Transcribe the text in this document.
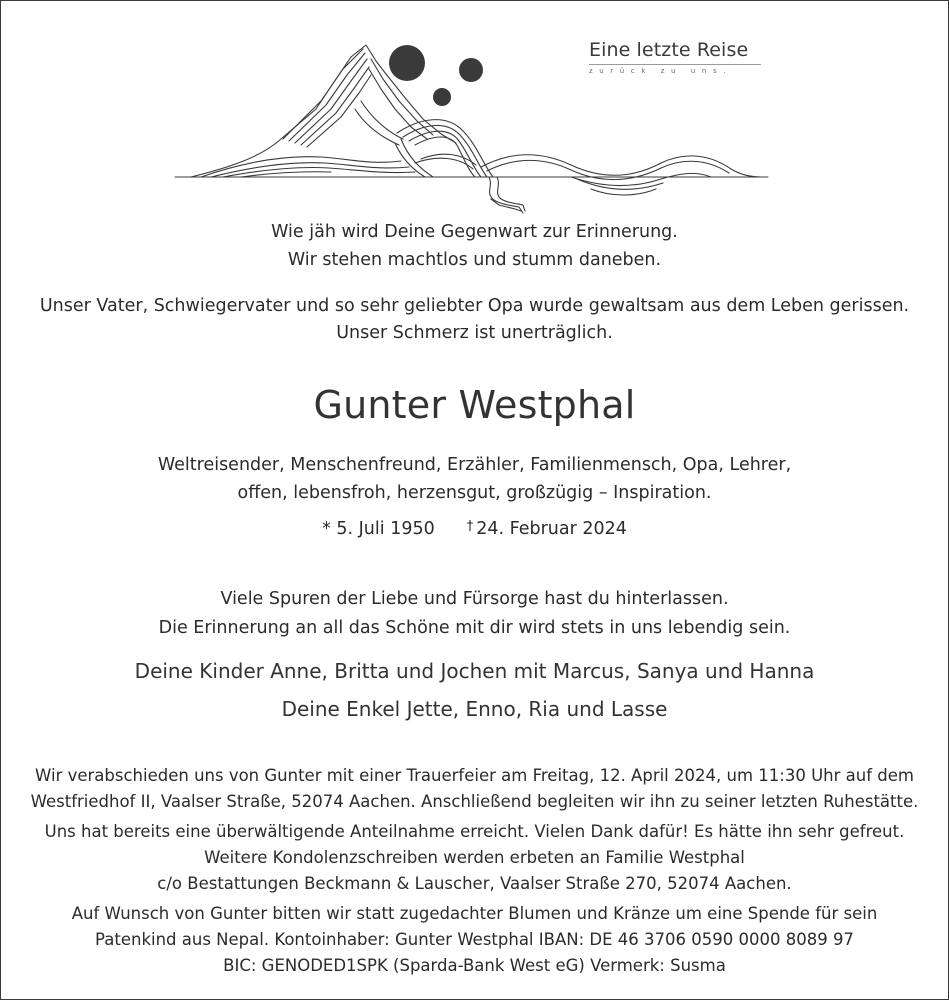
Eine letzte Reise
zurück zu uns.
Wie jäh wird Deine Gegenwart zur Erinnerung.
Wir stehen machtlos und stumm daneben.
Unser Vater, Schwiegervater und so sehr geliebter Opa wurde gewaltsam aus dem Leben gerissen.
Unser Schmerz ist unerträglich.
Gunter Westphal
Weltreisender, Menschenfreund, Erzähler, Familienmensch, Opa, Lehrer,
offen, lebensfroh, herzensgut, großzügig – Inspiration.
* 5. Juli 1950 † 24. Februar 2024
Viele Spuren der Liebe und Fürsorge hast du hinterlassen.
Die Erinnerung an all das Schöne mit dir wird stets in uns lebendig sein.
Deine Kinder Anne, Britta und Jochen mit Marcus, Sanya und Hanna
Deine Enkel Jette, Enno, Ria und Lasse
Wir verabschieden uns von Gunter mit einer Trauerfeier am Freitag, 12. April 2024, um 11:30 Uhr auf dem
Westfriedhof II, Vaalser Straße, 52074 Aachen. Anschließend begleiten wir ihn zu seiner letzten Ruhestätte.
Uns hat bereits eine überwältigende Anteilnahme erreicht. Vielen Dank dafür! Es hätte ihn sehr gefreut.
Weitere Kondolenzschreiben werden erbeten an Familie Westphal
c/o Bestattungen Beckmann & Lauscher, Vaalser Straße 270, 52074 Aachen.
Auf Wunsch von Gunter bitten wir statt zugedachter Blumen und Kränze um eine Spende für sein
Patenkind aus Nepal. Kontoinhaber: Gunter Westphal IBAN: DE 46 3706 0590 0000 8089 97
BIC: GENODED1SPK (Sparda-Bank West eG) Vermerk: Susma
